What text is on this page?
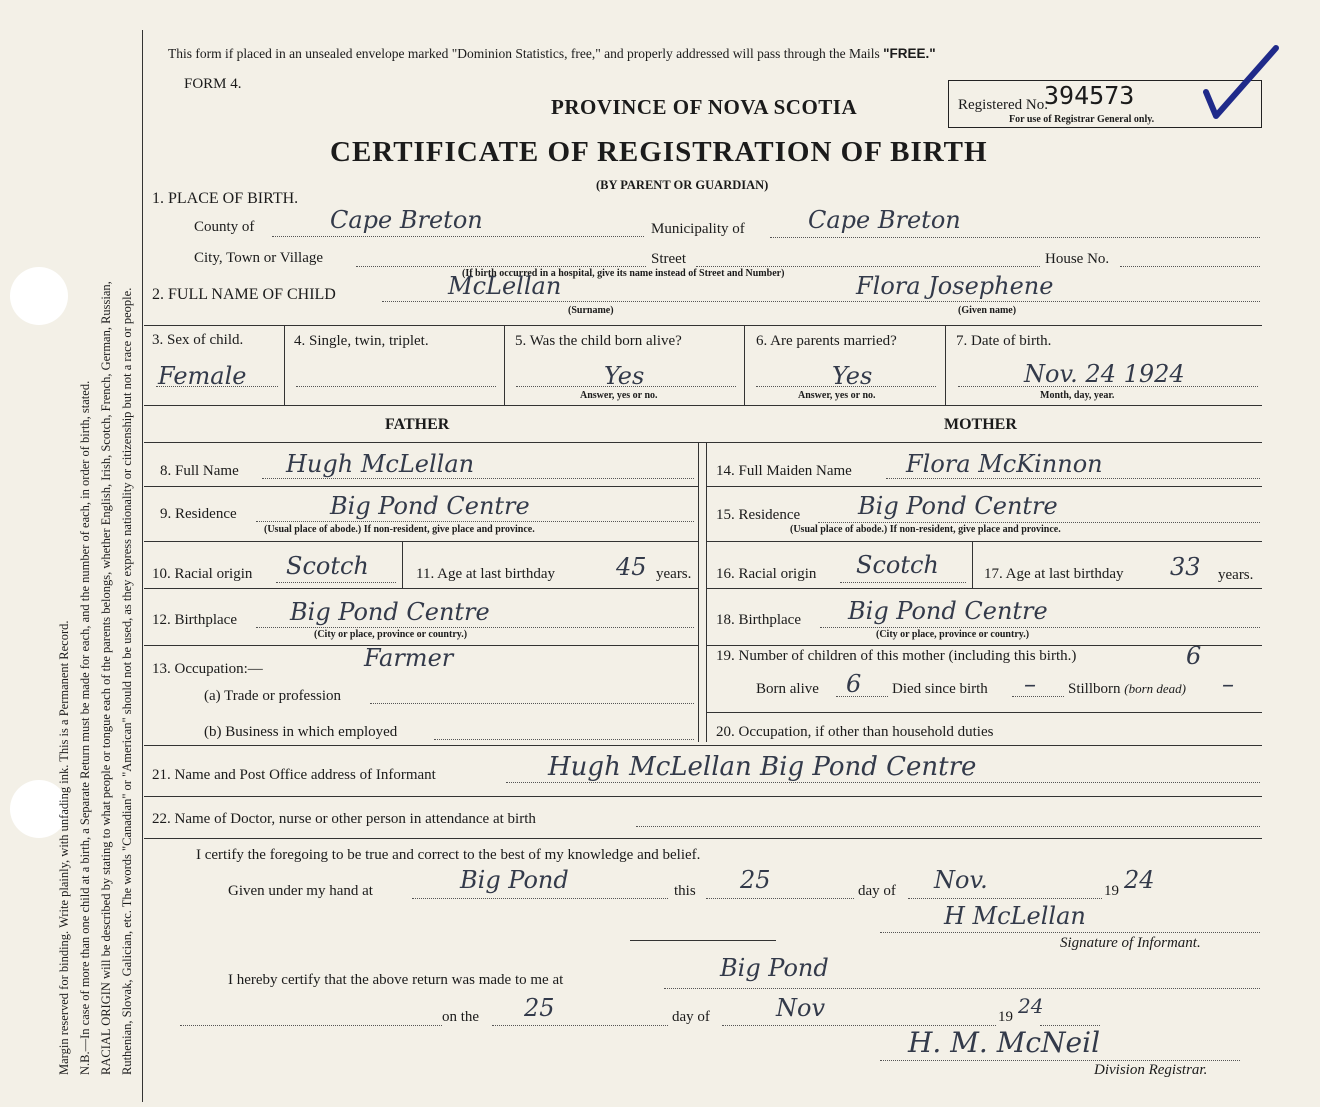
Margin reserved for binding. Write plainly, with unfading ink. This is a Permanent Record. N.B.—In case of more than one child at a birth, a Separate Return must be made for each, and the number of each, in order of birth, stated. RACIAL ORIGIN will be described by stating to what people or tongue each of the parents belongs, whether English, Irish, Scotch, French, German, Russian, Ruthenian, Slovak, Galician, etc. The words "Canadian" or "American" should not be used, as they express nationality or citizenship but not a race or people.
This form if placed in an unsealed envelope marked "Dominion Statistics, free," and properly addressed will pass through the Mails "FREE."
FORM 4.
PROVINCE OF NOVA SCOTIA	Registered No.
394573
For use of Registrar General only.
CERTIFICATE OF REGISTRATION OF BIRTH
(BY PARENT OR GUARDIAN)
1. PLACE OF BIRTH.
County of	Cape Breton	Municipality of	Cape Breton
City, Town or Village	Street	House No.
(If birth occurred in a hospital, give its name instead of Street and Number)
2. FULL NAME OF CHILD	McLellan	Flora Josephene
(Surname)	(Given name)
3. Sex of child.
Female
4. Single, twin, triplet.	5. Was the child born alive?
Yes
Answer, yes or no.
6. Are parents married?
Yes
Answer, yes or no.
7. Date of birth.
Nov. 24 1924
Month, day, year.
FATHER	MOTHER
8. Full Name Hugh McLellan
9. Residence	Big Pond Centre
(Usual place of abode.) If non-resident, give place and province.
10. Racial origin Scotch	11. Age at last birthday	45 years.
12. Birthplace Big Pond Centre
(City or place, province or country.)
13. Occupation:—	Farmer
(a) Trade or profession
(b) Business in which employed
14. Full Maiden Name Flora McKinnon
15. Residence Big Pond Centre
(Usual place of abode.) If non-resident, give place and province.
16. Racial origin Scotch	17. Age at last birthday 33 years.
18. Birthplace Big Pond Centre
(City or place, province or country.)
19. Number of children of this mother (including this birth.)	6
Born alive 6 Died since birth – Stillborn (born dead) –
20. Occupation, if other than household duties
21. Name and Post Office address of Informant	Hugh McLellan Big Pond Centre
22. Name of Doctor, nurse or other person in attendance at birth
I certify the foregoing to be true and correct to the best of my knowledge and belief.
Given under my hand at	Big Pond	this 25	day of Nov.	19 24
H McLellan
Signature of Informant.
I hereby certify that the above return was made to me at	Big Pond
on the 25	day of	Nov	19 24
H. M. McNeil
Division Registrar.
